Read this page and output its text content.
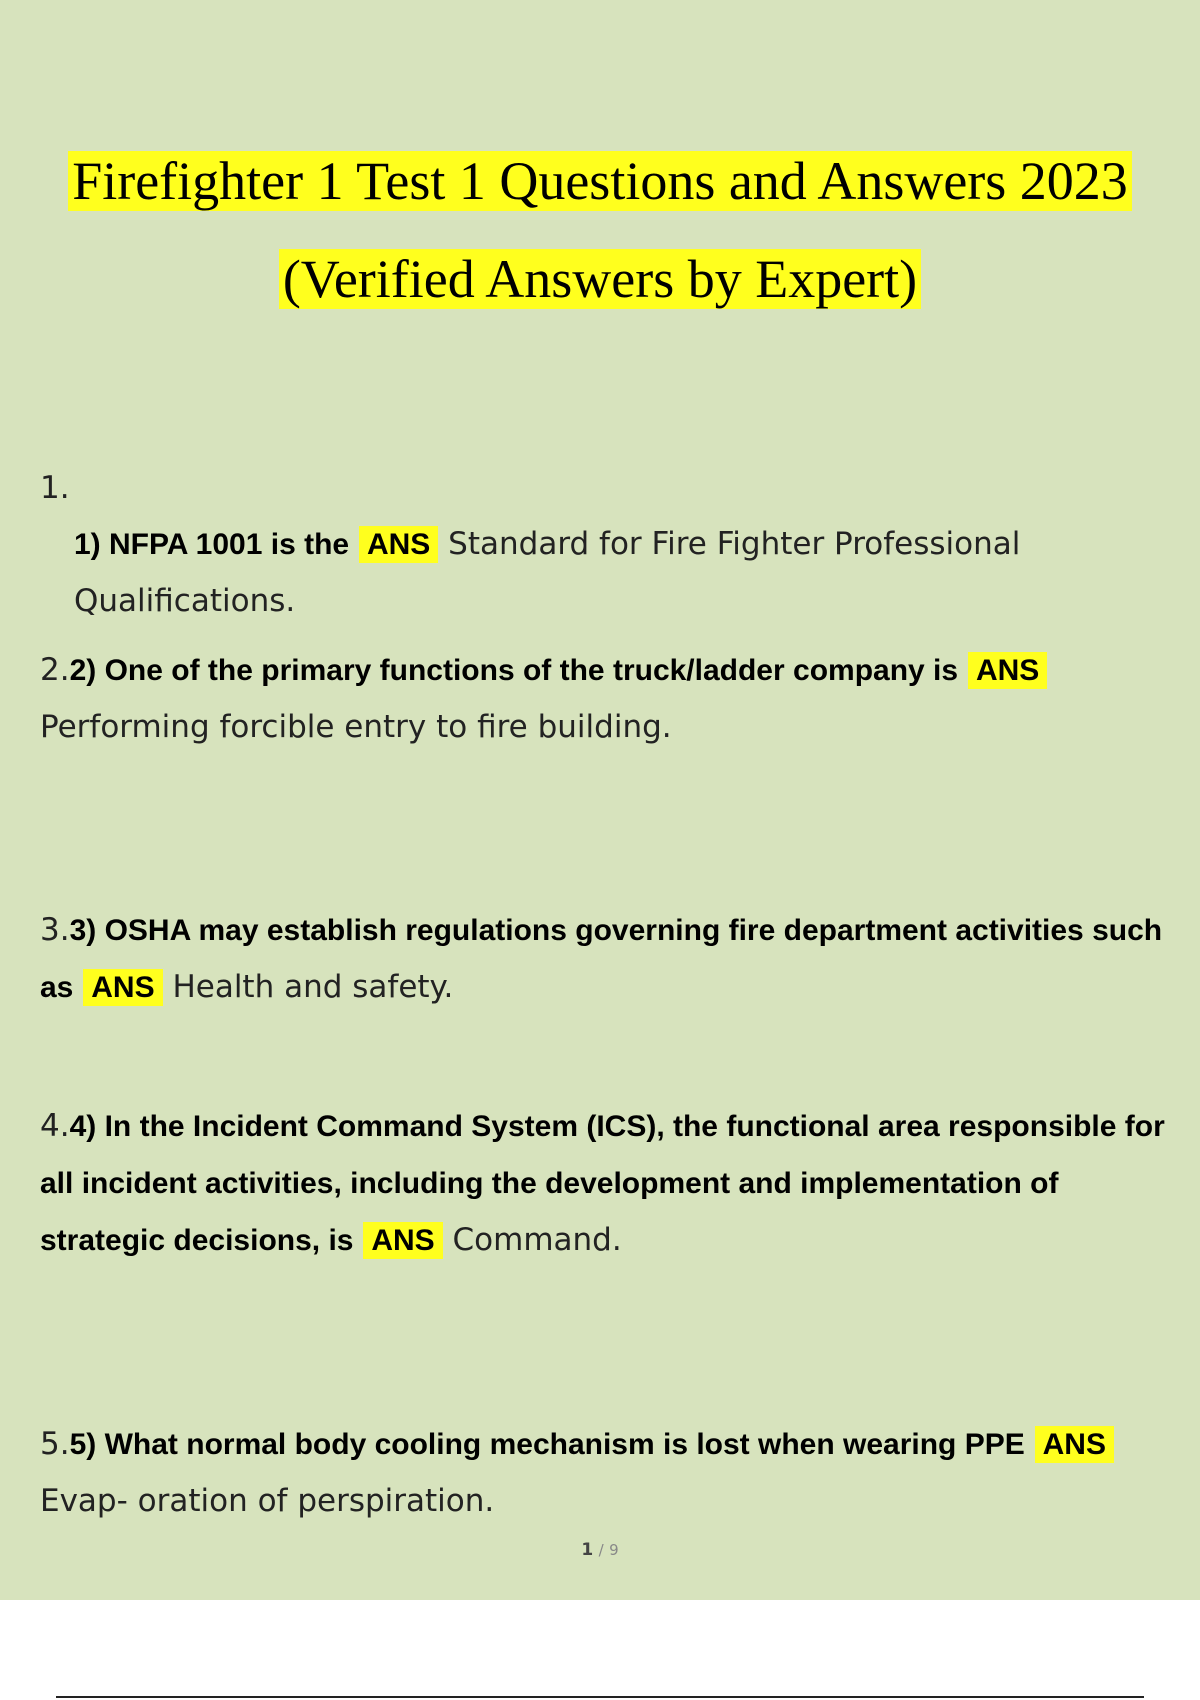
Firefighter 1 Test 1 Questions and Answers 2023
(Verified Answers by Expert)
1.
1) NFPA 1001 is the ANS Standard for Fire Fighter Professional Qualifications.
2.2) One of the primary functions of the truck/ladder company is ANS Performing forcible entry to fire building.
3.3) OSHA may establish regulations governing fire department activities such as ANS Health and safety.
4.4) In the Incident Command System (ICS), the functional area responsible for all incident activities, including the development and implementation of strategic decisions, is ANS Command.
5.5) What normal body cooling mechanism is lost when wearing PPE ANS Evap- oration of perspiration.
1 / 9
